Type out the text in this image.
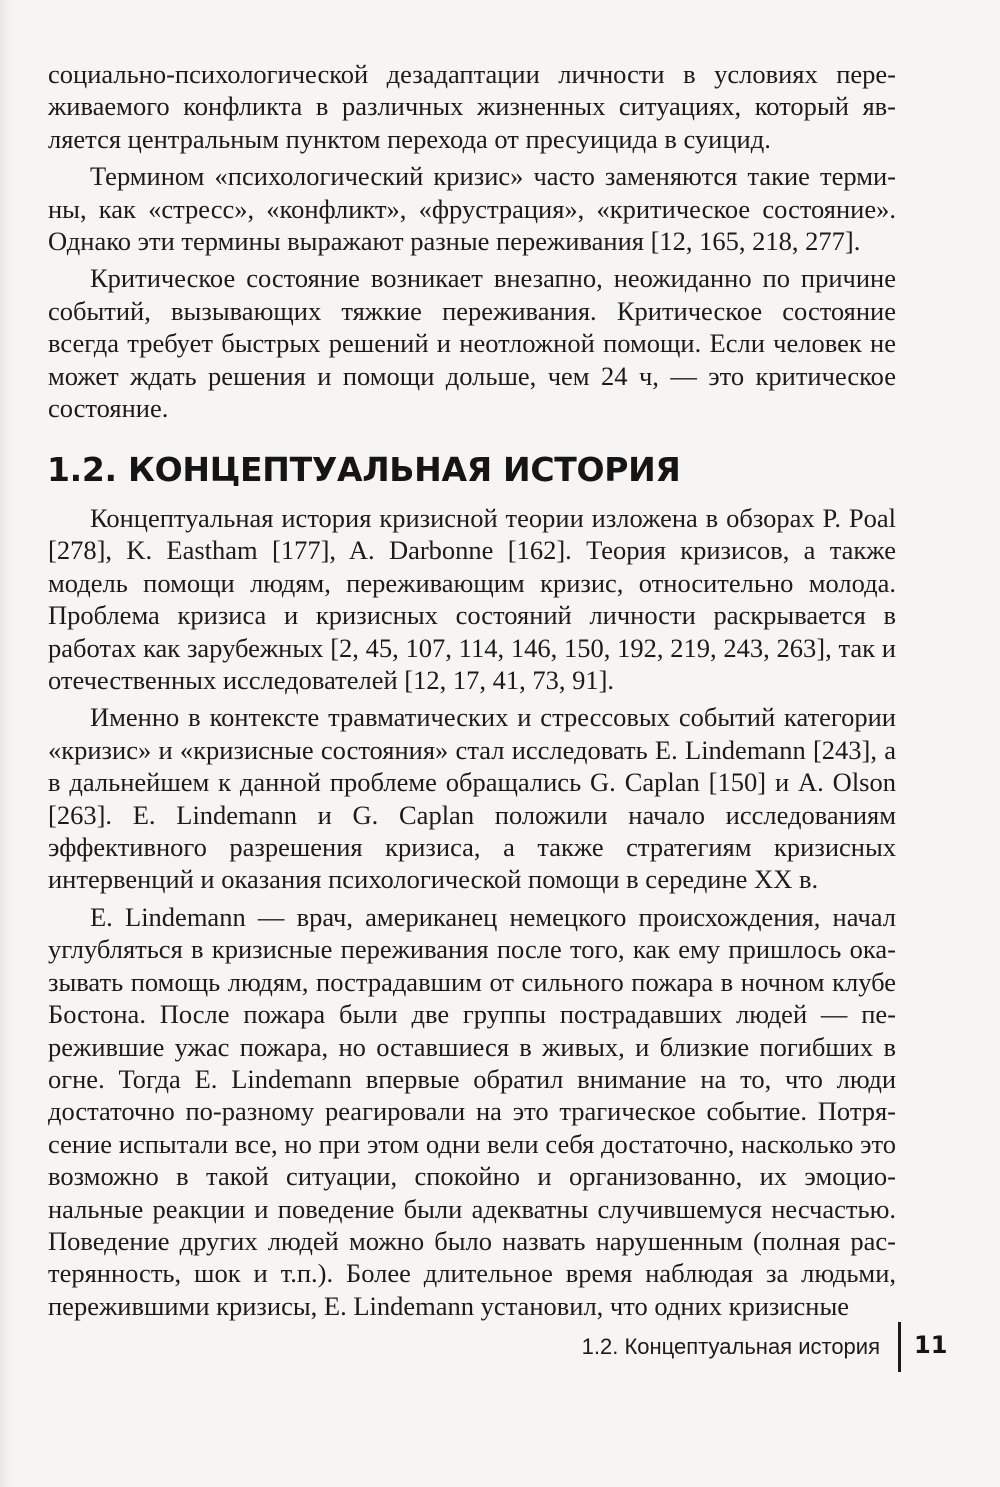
социально-психологической дезадаптации личности в условиях переживаемого конфликта в различных жизненных ситуациях, который является центральным пунктом перехода от пресуицида в суицид.

Термином «психологический кризис» часто заменяются такие термины, как «стресс», «конфликт», «фрустрация», «критическое состояние». Однако эти термины выражают разные переживания [12, 165, 218, 277].

Критическое состояние возникает внезапно, неожиданно по причине событий, вызывающих тяжкие переживания. Критическое состояние всегда требует быстрых решений и неотложной помощи. Если человек не может ждать решения и помощи дольше, чем 24 ч, — это критическое состояние.

1.2. КОНЦЕПТУАЛЬНАЯ ИСТОРИЯ

Концептуальная история кризисной теории изложена в обзорах P. Poal [278], K. Eastham [177], A. Darbonne [162]. Теория кризисов, а также модель помощи людям, переживающим кризис, относительно молода. Проблема кризиса и кризисных состояний личности раскрывается в работах как зарубежных [2, 45, 107, 114, 146, 150, 192, 219, 243, 263], так и отечественных исследователей [12, 17, 41, 73, 91].

Именно в контексте травматических и стрессовых событий категории «кризис» и «кризисные состояния» стал исследовать E. Lindemann [243], а в дальнейшем к данной проблеме обращались G. Caplan [150] и A. Olson [263]. E. Lindemann и G. Caplan положили начало исследованиям эффективного разрешения кризиса, а также стратегиям кризисных интервенций и оказания психологической помощи в середине XX в.

E. Lindemann — врач, американец немецкого происхождения, начал углубляться в кризисные переживания после того, как ему пришлось оказывать помощь людям, пострадавшим от сильного пожара в ночном клубе Бостона. После пожара были две группы пострадавших людей — пережившие ужас пожара, но оставшиеся в живых, и близкие погибших в огне. Тогда E. Lindemann впервые обратил внимание на то, что люди достаточно по-разному реагировали на это трагическое событие. Потрясение испытали все, но при этом одни вели себя достаточно, насколько это возможно в такой ситуации, спокойно и организованно, их эмоциональные реакции и поведение были адекватны случившемуся несчастью. Поведение других людей можно было назвать нарушенным (полная растерянность, шок и т.п.). Более длительное время наблюдая за людьми, пережившими кризисы, E. Lindemann установил, что одних кризисные

1.2. Концептуальная история 11
